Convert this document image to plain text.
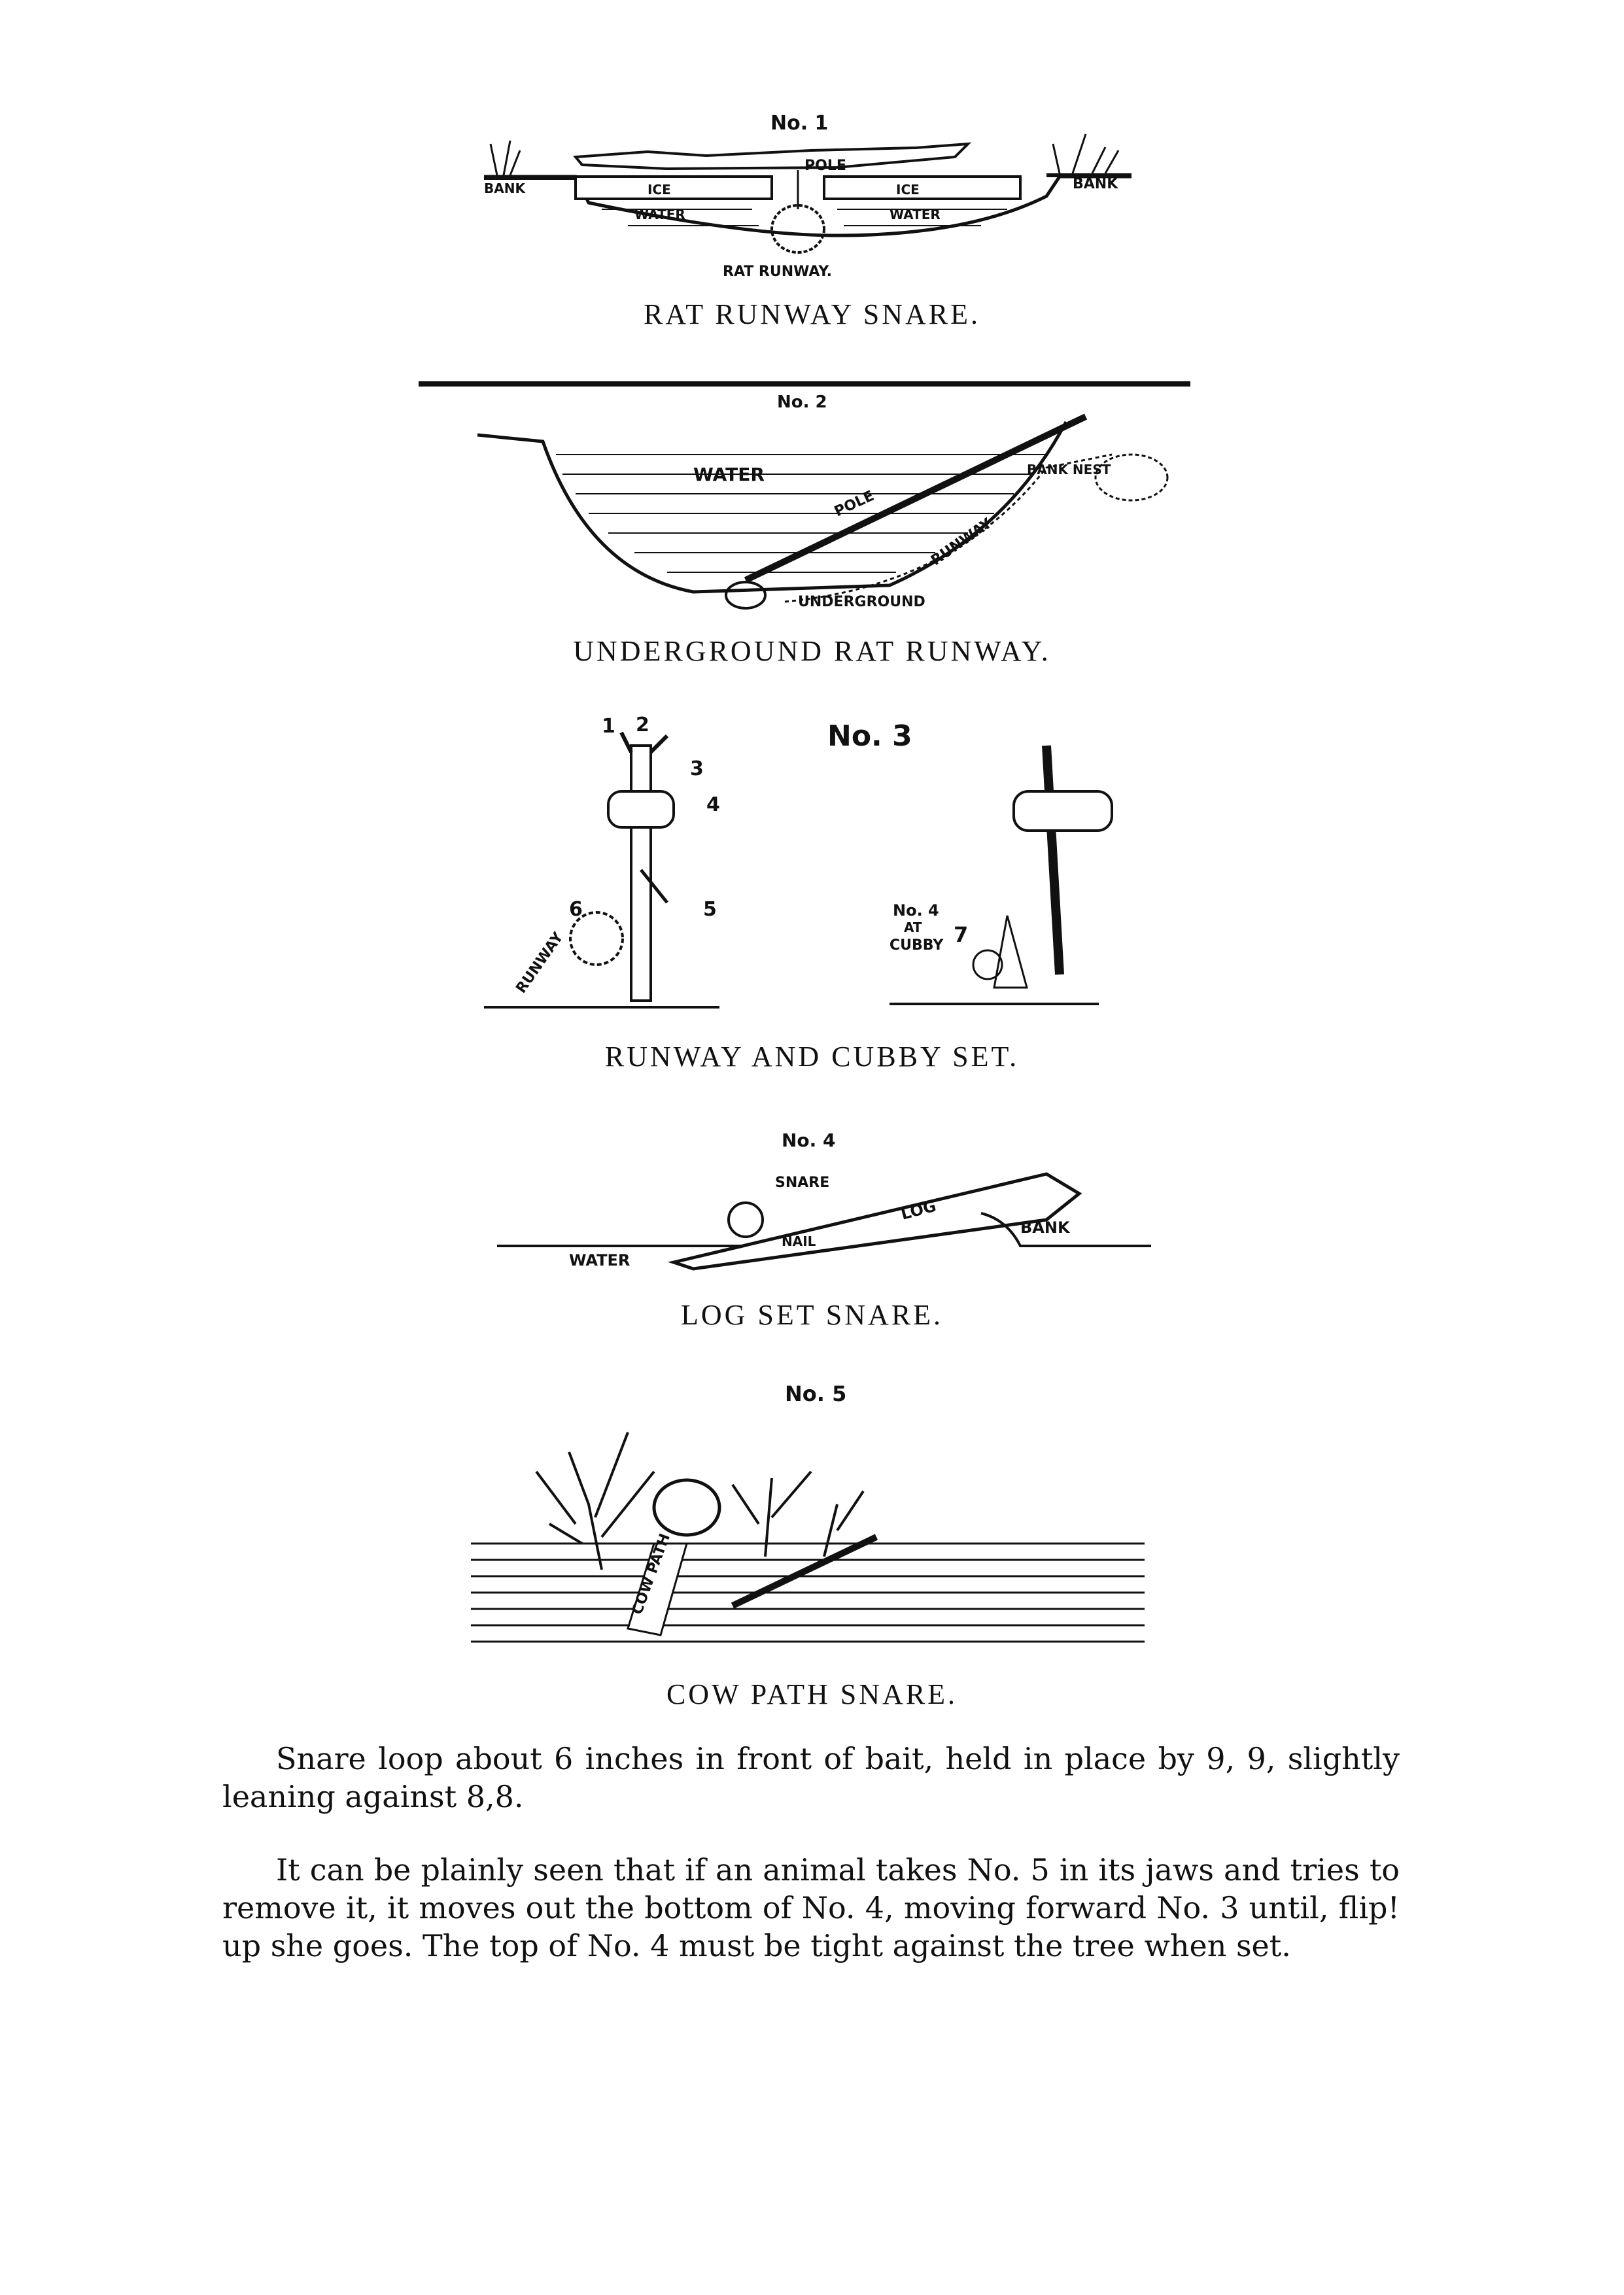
No. 1
POLE
BANK	BANK
ICE	ICE
WATER	WATER
RAT RUNWAY.
RAT RUNWAY SNARE.
No. 2
WATER
POLE
RUNWAY
UNDERGROUND
BANK NEST
UNDERGROUND RAT RUNWAY.
No. 3
1 2
3
4
5
6
RUNWAY
No. 4
AT
CUBBY 7
RUNWAY AND CUBBY SET.
No. 4
LOG
BANK
SNARE
NAIL
WATER
LOG SET SNARE.
No. 5
COW PATH
COW PATH SNARE.

Snare loop about 6 inches in front of bait, held in place by 9, 9, slightly leaning against 8,8.

It can be plainly seen that if an animal takes No. 5 in its jaws and tries to remove it, it moves out the bottom of No. 4, moving forward No. 3 until, flip! up she goes. The top of No. 4 must be tight against the tree when set.
